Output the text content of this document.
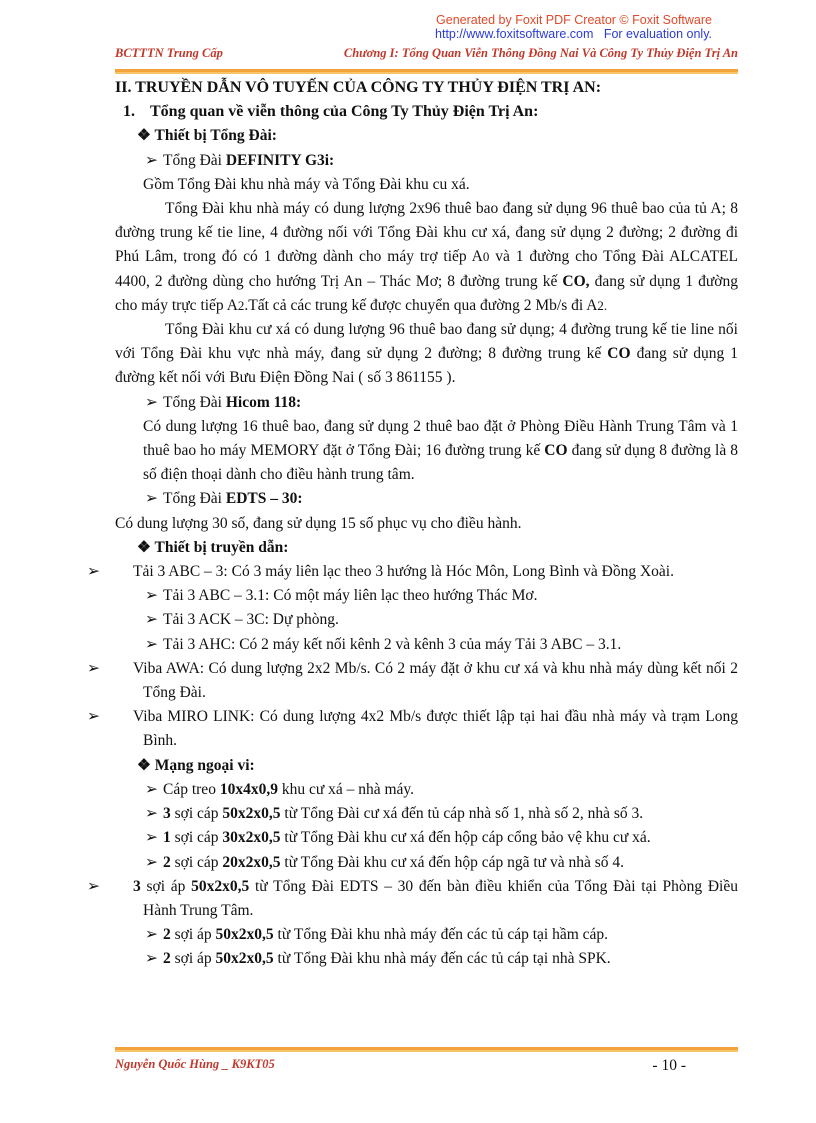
Generated by Foxit PDF Creator © Foxit Software
http://www.foxitsoftware.com For evaluation only.
BCTTTN Trung Cấp	Chương I: Tổng Quan Viễn Thông Đồng Nai Và Công Ty Thủy Điện Trị An

II. TRUYỀN DẪN VÔ TUYẾN CỦA CÔNG TY THỦY ĐIỆN TRỊ AN:

1. Tổng quan về viễn thông của Công Ty Thủy Điện Trị An:

❖ Thiết bị Tổng Đài:

➢ Tổng Đài DEFINITY G3i:

Gồm Tổng Đài khu nhà máy và Tổng Đài khu cu xá.

Tổng Đài khu nhà máy có dung lượng 2x96 thuê bao đang sử dụng 96 thuê bao của tủ A; 8 đường trung kế tie line, 4 đường nối với Tổng Đài khu cư xá, đang sử dụng 2 đường; 2 đường đi Phú Lâm, trong đó có 1 đường dành cho máy trợ tiếp A0 và 1 đường cho Tổng Đài ALCATEL 4400, 2 đường dùng cho hướng Trị An – Thác Mơ; 8 đường trung kế CO, đang sử dụng 1 đường cho máy trực tiếp A2.Tất cả các trung kế được chuyển qua đường 2 Mb/s đi A2.

Tổng Đài khu cư xá có dung lượng 96 thuê bao đang sử dụng; 4 đường trung kế tie line nối với Tổng Đài khu vực nhà máy, đang sử dụng 2 đường; 8 đường trung kế CO đang sử dụng 1 đường kết nối với Bưu Điện Đồng Nai ( số 3 861155 ).

➢ Tổng Đài Hicom 118:

Có dung lượng 16 thuê bao, đang sử dụng 2 thuê bao đặt ở Phòng Điều Hành Trung Tâm và 1 thuê bao ho máy MEMORY đặt ở Tổng Đài; 16 đường trung kế CO đang sử dụng 8 đường là 8 số điện thoại dành cho điều hành trung tâm.

➢ Tổng Đài EDTS – 30:

Có dung lượng 30 số, đang sử dụng 15 số phục vụ cho điều hành.

❖ Thiết bị truyền dẫn:

➢ Tải 3 ABC – 3: Có 3 máy liên lạc theo 3 hướng là Hóc Môn, Long Bình và Đồng Xoài.

➢ Tải 3 ABC – 3.1: Có một máy liên lạc theo hướng Thác Mơ.

➢ Tải 3 ACK – 3C: Dự phòng.

➢ Tải 3 AHC: Có 2 máy kết nối kênh 2 và kênh 3 của máy Tải 3 ABC – 3.1.

➢ Viba AWA: Có dung lượng 2x2 Mb/s. Có 2 máy đặt ở khu cư xá và khu nhà máy dùng kết nối 2 Tổng Đài.

➢ Viba MIRO LINK: Có dung lượng 4x2 Mb/s được thiết lập tại hai đầu nhà máy và trạm Long Bình.

❖ Mạng ngoại vi:

➢ Cáp treo 10x4x0,9 khu cư xá – nhà máy.

➢ 3 sợi cáp 50x2x0,5 từ Tổng Đài cư xá đến tủ cáp nhà số 1, nhà số 2, nhà số 3.

➢ 1 sợi cáp 30x2x0,5 từ Tổng Đài khu cư xá đến hộp cáp cổng bảo vệ khu cư xá.

➢ 2 sợi cáp 20x2x0,5 từ Tổng Đài khu cư xá đến hộp cáp ngã tư và nhà số 4.

➢ 3 sợi áp 50x2x0,5 từ Tổng Đài EDTS – 30 đến bàn điều khiển của Tổng Đài tại Phòng Điều Hành Trung Tâm.

➢ 2 sợi áp 50x2x0,5 từ Tổng Đài khu nhà máy đến các tủ cáp tại hầm cáp.

➢ 2 sợi áp 50x2x0,5 từ Tổng Đài khu nhà máy đến các tủ cáp tại nhà SPK.

Nguyễn Quốc Hùng _ K9KT05	- 10 -
